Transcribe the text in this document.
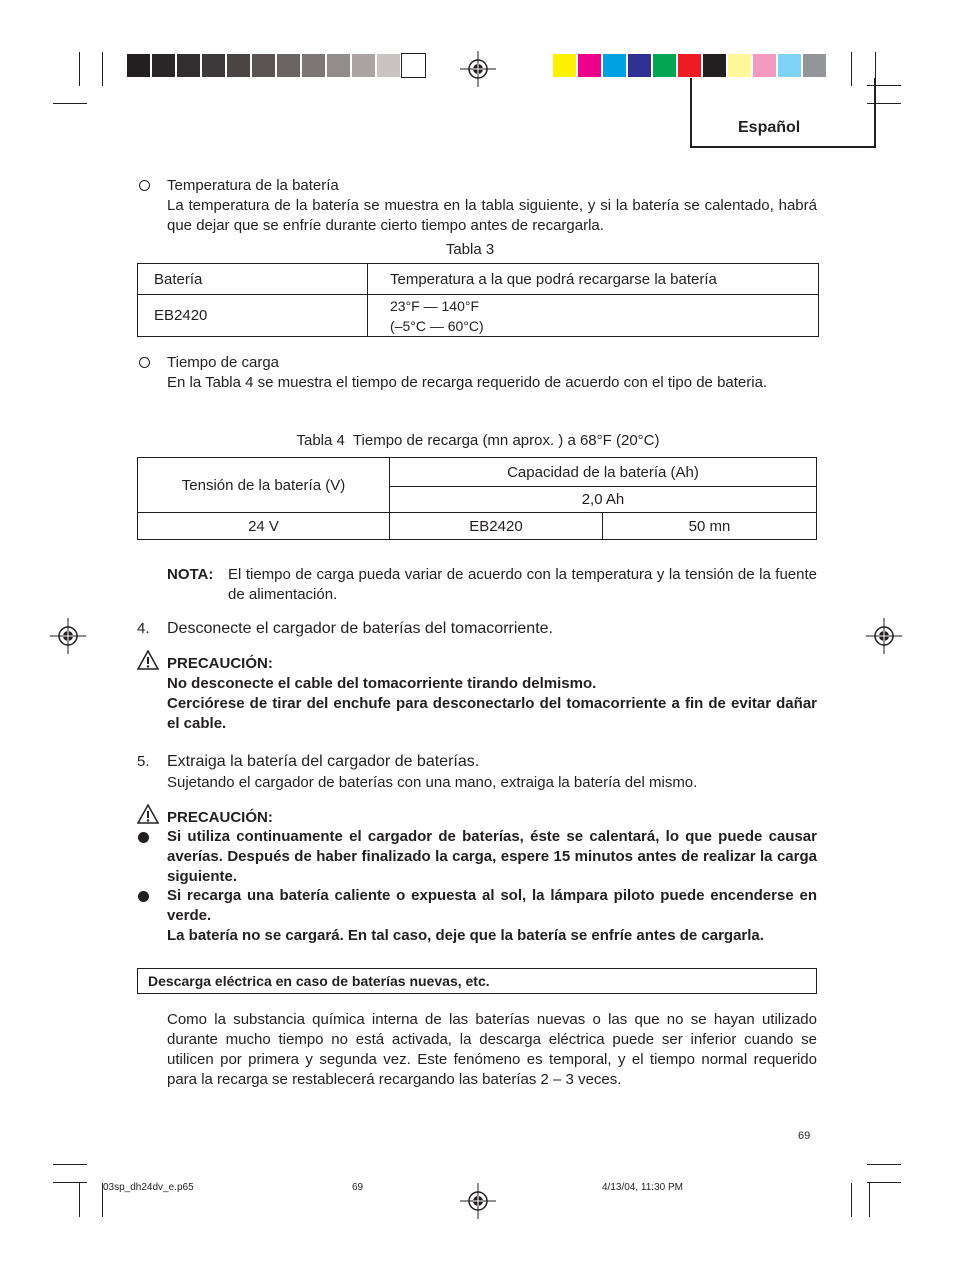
Español
Temperatura de la batería
La temperatura de la batería se muestra en la tabla siguiente, y si la batería se calentado, habrá que dejar que se enfríe durante cierto tiempo antes de recargarla.
Tabla 3
Batería	Temperatura a la que podrá recargarse la batería
EB2420	23°F — 140°F
(–5°C — 60°C)
Tiempo de carga
En la Tabla 4 se muestra el tiempo de recarga requerido de acuerdo con el tipo de bateria.
Tabla 4  Tiempo de recarga (mn aprox. ) a 68°F (20°C)
Tensión de la batería (V)	Capacidad de la batería (Ah)	
	2,0 Ah	
24 V	EB2420	50 mn
NOTA: El tiempo de carga pueda variar de acuerdo con la temperatura y la tensión de la fuente de alimentación.
4. Desconecte el cargador de baterías del tomacorriente.
PRECAUCIÓN:
No desconecte el cable del tomacorriente tirando delmismo.
Cerciórese de tirar del enchufe para desconectarlo del tomacorriente a fin de evitar dañar el cable.
5. Extraiga la batería del cargador de baterías.
Sujetando el cargador de baterías con una mano, extraiga la batería del mismo.
PRECAUCIÓN:
Si utiliza continuamente el cargador de baterías, éste se calentará, lo que puede causar averías. Después de haber finalizado la carga, espere 15 minutos antes de realizar la carga siguiente.
Si recarga una batería caliente o expuesta al sol, la lámpara piloto puede encenderse en verde.
La batería no se cargará. En tal caso, deje que la batería se enfríe antes de cargarla.
Descarga eléctrica en caso de baterías nuevas, etc.
Como la substancia química interna de las baterías nuevas o las que no se hayan utilizado durante mucho tiempo no está activada, la descarga eléctrica puede ser inferior cuando se utilicen por primera y segunda vez. Este fenómeno es temporal, y el tiempo normal requerido para la recarga se restablecerá recargando las baterías 2 – 3 veces.
69
03sp_dh24dv_e.p65	69	4/13/04, 11:30 PM
